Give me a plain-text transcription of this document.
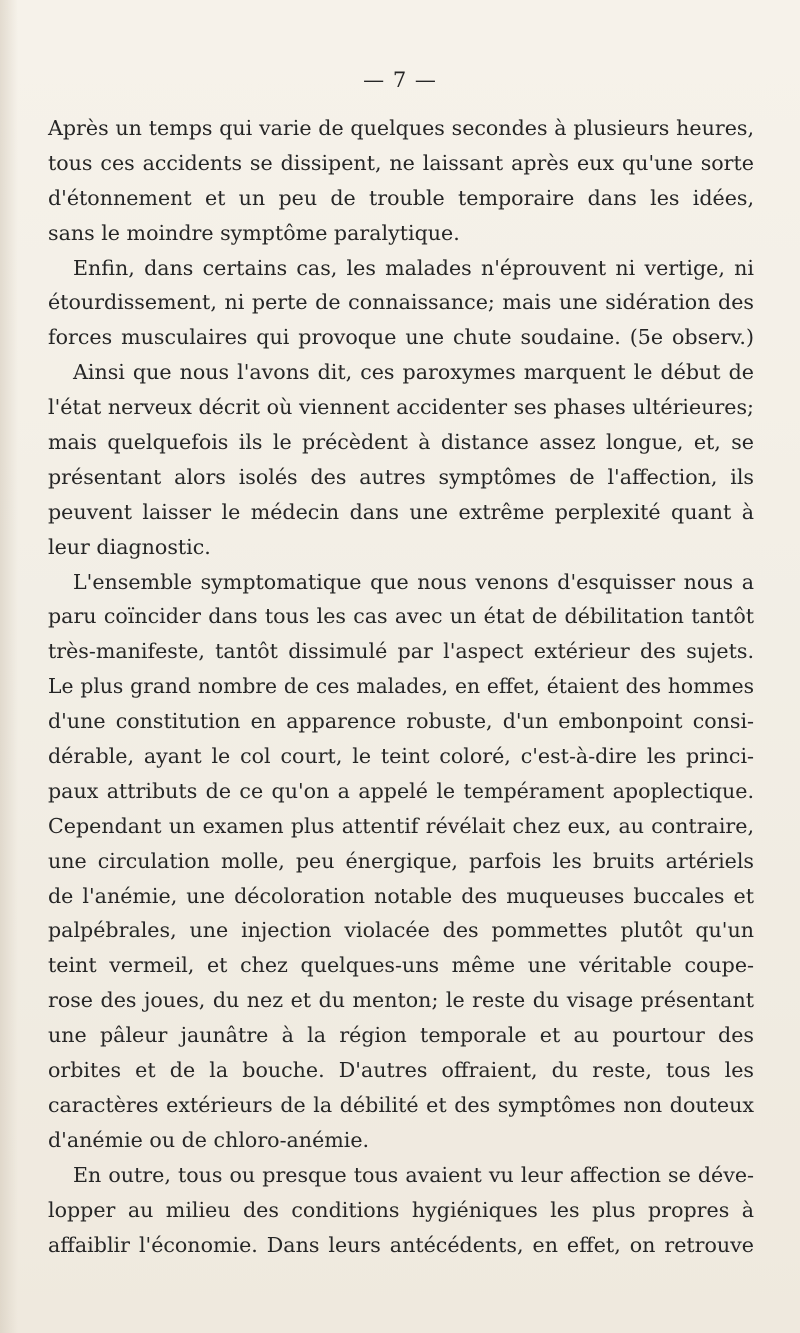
— 7 —
Après un temps qui varie de quelques secondes à plusieurs heures,
tous ces accidents se dissipent, ne laissant après eux qu'une sorte
d'étonnement et un peu de trouble temporaire dans les idées,
sans le moindre symptôme paralytique.
Enfin, dans certains cas, les malades n'éprouvent ni vertige, ni
étourdissement, ni perte de connaissance; mais une sidération des
forces musculaires qui provoque une chute soudaine. (5e observ.)
Ainsi que nous l'avons dit, ces paroxymes marquent le début de
l'état nerveux décrit où viennent accidenter ses phases ultérieures;
mais quelquefois ils le précèdent à distance assez longue, et, se
présentant alors isolés des autres symptômes de l'affection, ils
peuvent laisser le médecin dans une extrême perplexité quant à
leur diagnostic.
L'ensemble symptomatique que nous venons d'esquisser nous a
paru coïncider dans tous les cas avec un état de débilitation tantôt
très-manifeste, tantôt dissimulé par l'aspect extérieur des sujets.
Le plus grand nombre de ces malades, en effet, étaient des hommes
d'une constitution en apparence robuste, d'un embonpoint consi-
dérable, ayant le col court, le teint coloré, c'est-à-dire les princi-
paux attributs de ce qu'on a appelé le tempérament apoplectique.
Cependant un examen plus attentif révélait chez eux, au contraire,
une circulation molle, peu énergique, parfois les bruits artériels
de l'anémie, une décoloration notable des muqueuses buccales et
palpébrales, une injection violacée des pommettes plutôt qu'un
teint vermeil, et chez quelques-uns même une véritable coupe-
rose des joues, du nez et du menton; le reste du visage présentant
une pâleur jaunâtre à la région temporale et au pourtour des
orbites et de la bouche. D'autres offraient, du reste, tous les
caractères extérieurs de la débilité et des symptômes non douteux
d'anémie ou de chloro-anémie.
En outre, tous ou presque tous avaient vu leur affection se déve-
lopper au milieu des conditions hygiéniques les plus propres à
affaiblir l'économie. Dans leurs antécédents, en effet, on retrouve
